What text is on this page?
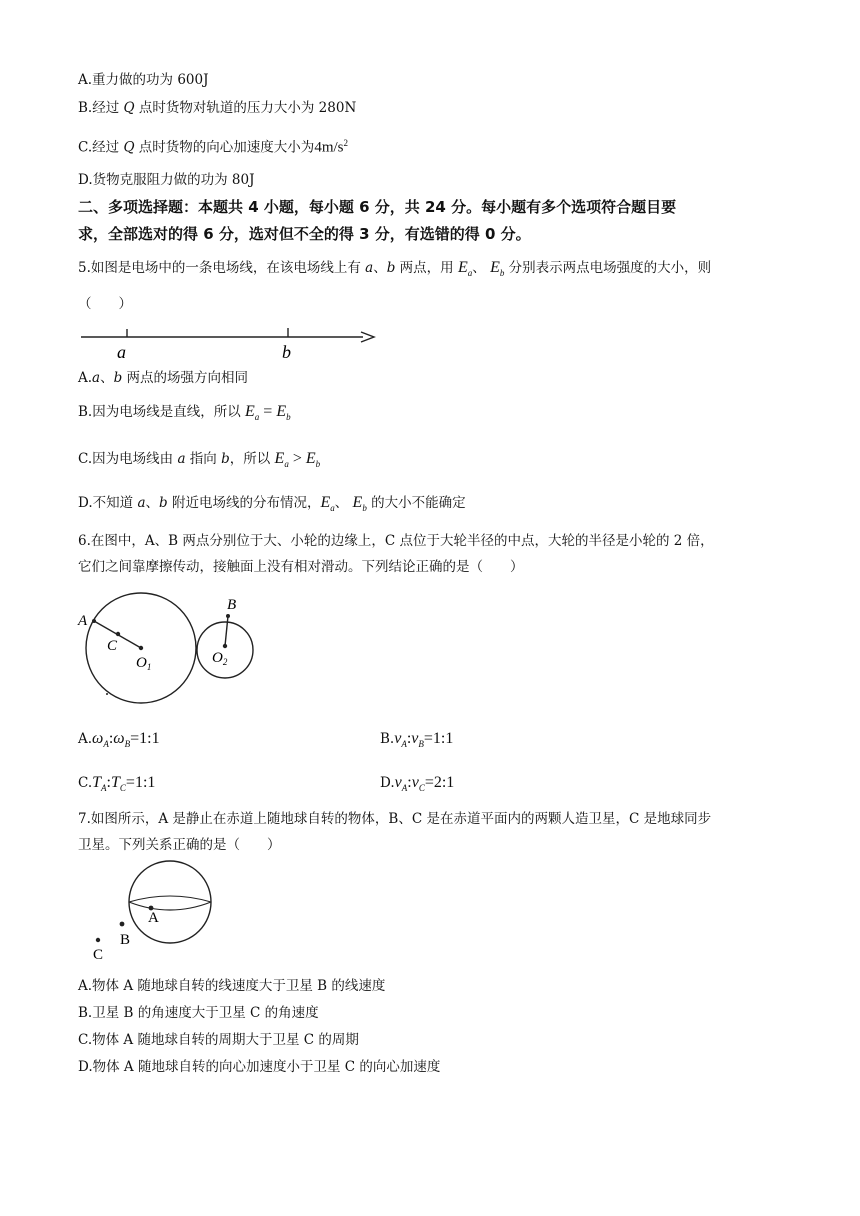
A.重力做的功为 600J
B.经过 Q 点时货物对轨道的压力大小为 280N
C.经过 Q 点时货物的向心加速度大小为$4m/s^2$
D.货物克服阻力做的功为 80J
二、多项选择题：本题共 4 小题，每小题 6 分，共 24 分。每小题有多个选项符合题目要
求，全部选对的得 6 分，选对但不全的得 3 分，有选错的得 0 分。
5.如图是电场中的一条电场线，在该电场线上有 a、b 两点，用 $E_a$、 $E_b$ 分别表示两点电场强度的大小，则
（　　）
a	b
A.a、b 两点的场强方向相同
B.因为电场线是直线，所以 $E_a = E_b$
C.因为电场线由 a 指向 b，所以 $E_a > E_b$
D.不知道 a、b 附近电场线的分布情况，$E_a$、 $E_b$ 的大小不能确定
6.在图中，A、B 两点分别位于大、小轮的边缘上，C 点位于大轮半径的中点，大轮的半径是小轮的 2 倍，
它们之间靠摩擦传动，接触面上没有相对滑动。下列结论正确的是（　　）
A
C
$O_1$
B
$O_2$
$A.\omega_A:\omega_B=1:1$	$B.v_A:v_B=1:1$
$C.T_A:T_C=1:1$	$D.v_A:v_C=2:1$
7.如图所示，A 是静止在赤道上随地球自转的物体，B、C 是在赤道平面内的两颗人造卫星，C 是地球同步
卫星。下列关系正确的是（　　）
A
B
C
A.物体 A 随地球自转的线速度大于卫星 B 的线速度
B.卫星 B 的角速度大于卫星 C 的角速度
C.物体 A 随地球自转的周期大于卫星 C 的周期
D.物体 A 随地球自转的向心加速度小于卫星 C 的向心加速度
